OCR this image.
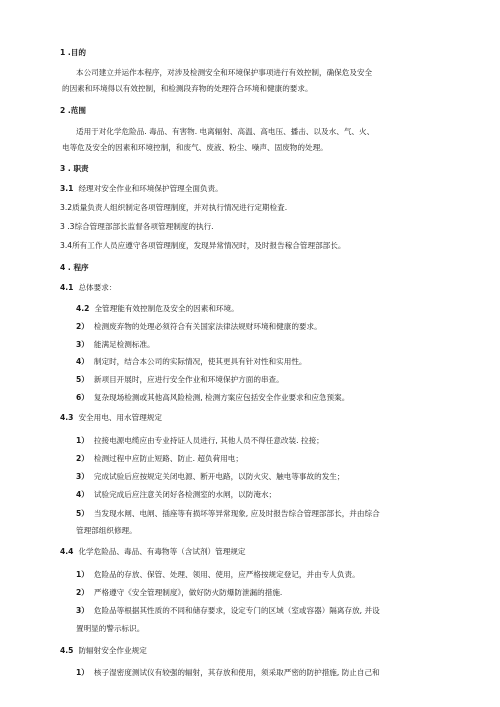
1 .目的
本公司建立并运作本程序，对涉及检测安全和环境保护事项进行有效控制，确保危及安全
的因素和环境得以有效控制，和检测段弃物的处理符合环境和健康的要求。
2 .范围
适用于对化学危险品. 毒品、有害物. 电离辐射、高温、高电压、播击、以及水、气、火、
电等危及安全的因素和环境控制，和废气、废液、粉尘、噪声、固废物的处理。
3 . 职责
3.1 经理对安全作业和环境保护管理全面负责。
3.2质量负责人组织制定各项管理制度，并对执行情况进行定期检査.
3 .3综合管理部部长监督各项管理制度的执行.
3.4所有工作人员应遵守各项管理制度，发现异常情况时，及时报告稼合管理部部长。
4 . 程序
4.1 总体要求：
4.2 全管理能有效控制危及安全的因素和环境。
2） 检测废弃物的处理必须符合有关国家法律法规财环境和健康的要求。
3） 能满足检测标准。
4） 制定时，结合本公司的实际情况，使其更具有针对性和实用性。
5） 新项目开展时，应进行安全作业和环境保护方面的串查。
6） 复杂现场检测或其他高风险检测, 检测方案应包括安全作业要求和应急预案。
4.3 安全用电、用水管理规定
1） 拉接电源电缆应由专业持证人员进行, 其他人员不得任意改装. 拉接；
2） 检测过程中应防止短路、防止. 超负荷用电；
3） 完成试验后应按规定关闭电源、断开电路，以防火灾、触电等事故的发生；
4） 试验完成后应注意关闭好各检测室的水闸，以防淹水；
5） 当发现水闸、电闸、插座等有损坏等异常现象, 应及时报告综合管理部部长，并由综合
管理部组织修理。
4.4 化学危险品、毒品、有毒物等（含试剂）管理规定
1） 危险品的存放、保管、处理、领用、使用，应严格按规定登记，并由专人负责。
2） 严格遵守《安全管理制度》，做好防火防爆防泄漏的措施.
3） 危险品等根据其性质的不同和储存要求，设定专门的区域（室或容器）隔离存放, 并设
置明显的警示标识。
4.5 防辐射安全作业规定
1） 核子湿密度测试仪有较强的辐射，其存放和使用，须采取严密的防护措施, 防止自己和
